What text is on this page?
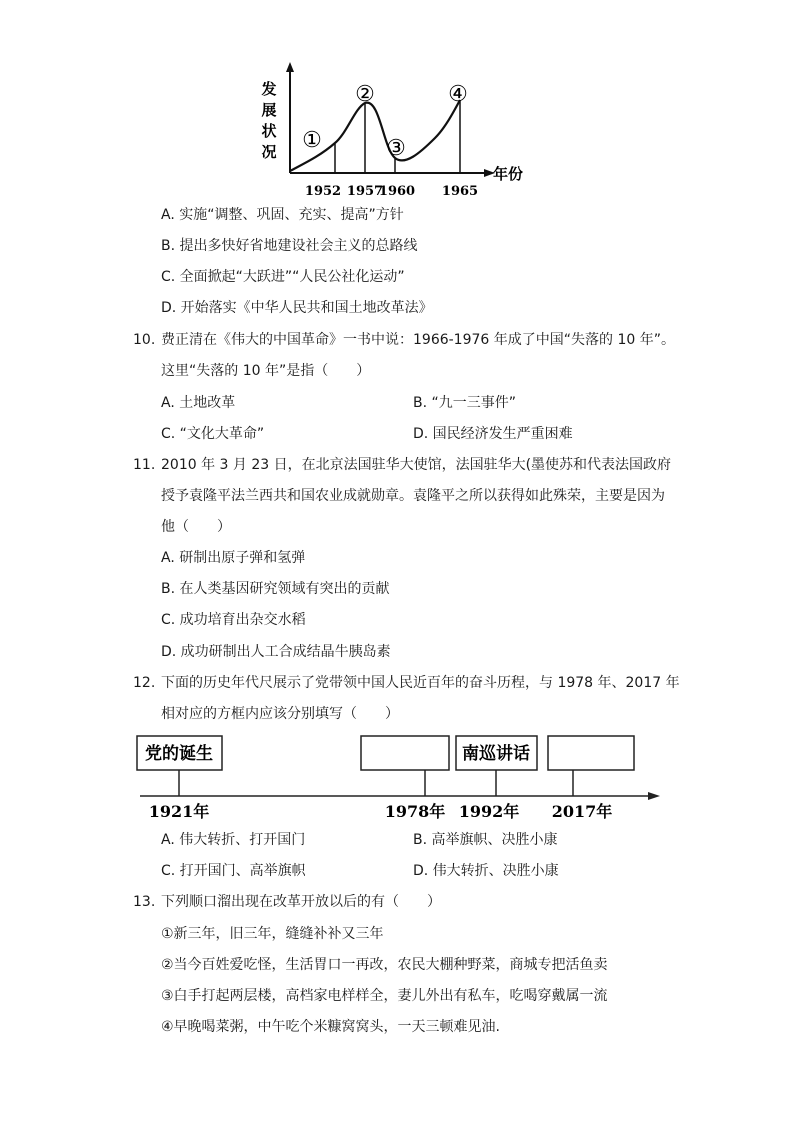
发
展
状
况
年份
①
②
③
④
1952 1957
1960 1965
A. 实施“调整、巩固、充实、提高”方针
B. 提出多快好省地建设社会主义的总路线
C. 全面掀起“大跃进”“人民公社化运动”
D. 开始落实《中华人民共和国土地改革法》
10. 费正清在《伟大的中国革命》一书中说：1966-1976 年成了中国“失落的 10 年”。
这里“失落的 10 年”是指（　　）
A. 土地改革	B. “九一三事件”
C. “文化大革命”	D. 国民经济发生严重困难
11. 2010 年 3 月 23 日，在北京法国驻华大使馆，法国驻华大(墨使苏和代表法国政府
授予袁隆平法兰西共和国农业成就勋章。袁隆平之所以获得如此殊荣，主要是因为
他（　　）
A. 研制出原子弹和氢弹
B. 在人类基因研究领域有突出的贡献
C. 成功培育出杂交水稻
D. 成功研制出人工合成结晶牛胰岛素
12. 下面的历史年代尺展示了党带领中国人民近百年的奋斗历程，与 1978 年、2017 年
相对应的方框内应该分别填写（　　）
党的诞生	南巡讲话
1921年	1978年 1992年 2017年
A. 伟大转折、打开国门	B. 高举旗帜、决胜小康
C. 打开国门、高举旗帜	D. 伟大转折、决胜小康
13. 下列顺口溜出现在改革开放以后的有（　　）
①新三年，旧三年，缝缝补补又三年
②当今百姓爱吃怪，生活胃口一再改，农民大棚种野菜，商城专把活鱼卖
③白手打起两层楼，高档家电样样全，妻儿外出有私车，吃喝穿戴属一流
④早晚喝菜粥，中午吃个米糠窝窝头，一天三顿难见油.
